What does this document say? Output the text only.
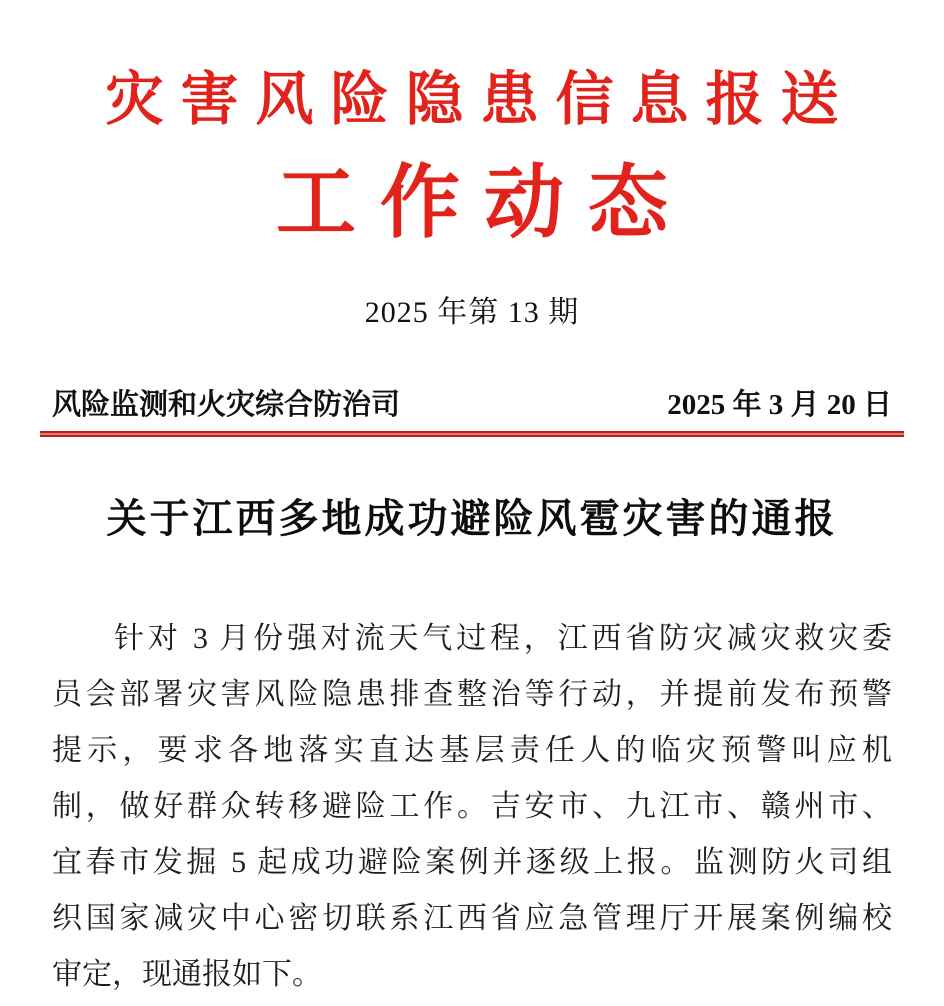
灾害风险隐患信息报送
工作动态
2025 年第 13 期
风险监测和火灾综合防治司	2025 年 3 月 20 日
关于江西多地成功避险风雹灾害的通报
针对 3 月份强对流天气过程，江西省防灾减灾救灾委
员会部署灾害风险隐患排查整治等行动，并提前发布预警
提示，要求各地落实直达基层责任人的临灾预警叫应机
制，做好群众转移避险工作。吉安市、九江市、赣州市、
宜春市发掘 5 起成功避险案例并逐级上报。监测防火司组
织国家减灾中心密切联系江西省应急管理厅开展案例编校
审定，现通报如下。
